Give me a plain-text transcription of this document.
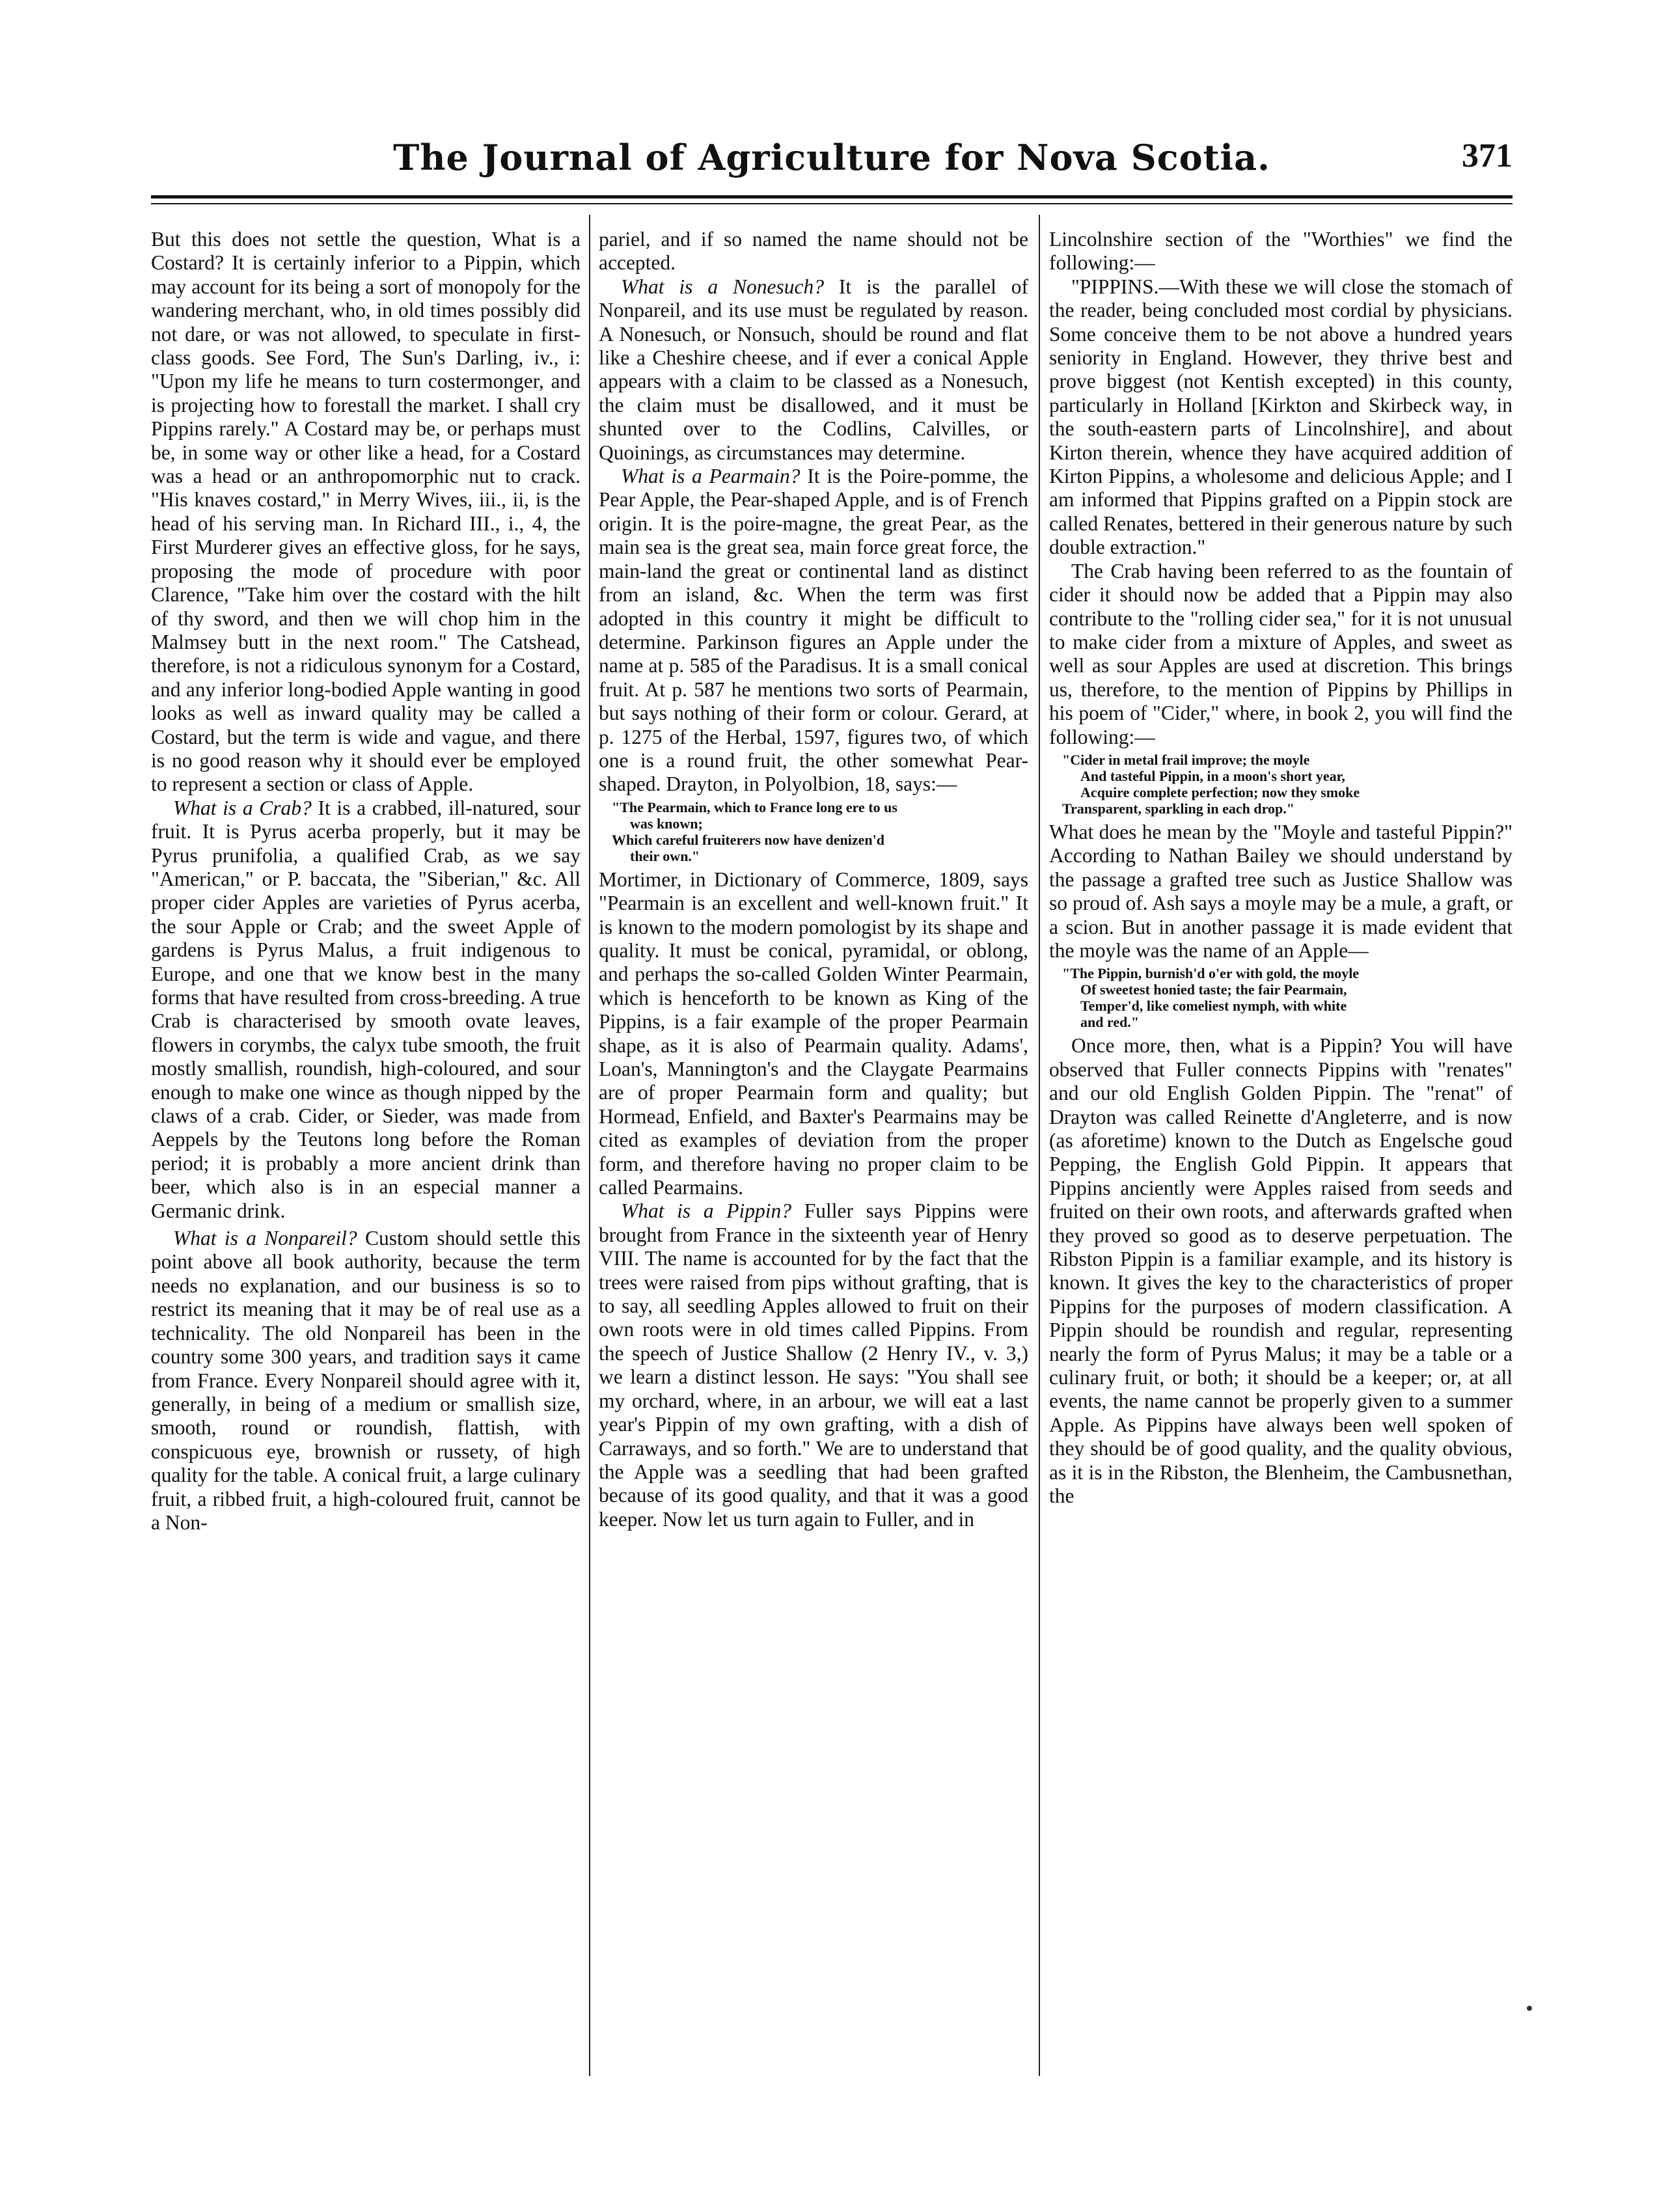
The Journal of Agriculture for Nova Scotia.	371

But this does not settle the question, What is a Costard? It is certainly inferior to a Pippin, which may account for its being a sort of monopoly for the wandering merchant, who, in old times possibly did not dare, or was not allowed, to speculate in first-class goods. See Ford, The Sun's Darling, iv., i: "Upon my life he means to turn costermonger, and is projecting how to forestall the market. I shall cry Pippins rarely." A Costard may be, or perhaps must be, in some way or other like a head, for a Costard was a head or an anthropomorphic nut to crack. "His knaves costard," in Merry Wives, iii., ii, is the head of his serving man. In Richard III., i., 4, the First Murderer gives an effective gloss, for he says, proposing the mode of procedure with poor Clarence, "Take him over the costard with the hilt of thy sword, and then we will chop him in the Malmsey butt in the next room." The Catshead, therefore, is not a ridiculous synonym for a Costard, and any inferior long-bodied Apple wanting in good looks as well as inward quality may be called a Costard, but the term is wide and vague, and there is no good reason why it should ever be employed to represent a section or class of Apple.

What is a Crab? It is a crabbed, ill-natured, sour fruit. It is Pyrus acerba properly, but it may be Pyrus prunifolia, a qualified Crab, as we say "American," or P. baccata, the "Siberian," &c. All proper cider Apples are varieties of Pyrus acerba, the sour Apple or Crab; and the sweet Apple of gardens is Pyrus Malus, a fruit indigenous to Europe, and one that we know best in the many forms that have resulted from cross-breeding. A true Crab is characterised by smooth ovate leaves, flowers in corymbs, the calyx tube smooth, the fruit mostly smallish, roundish, high-coloured, and sour enough to make one wince as though nipped by the claws of a crab. Cider, or Sieder, was made from Aeppels by the Teutons long before the Roman period; it is probably a more ancient drink than beer, which also is in an especial manner a Germanic drink.

What is a Nonpareil? Custom should settle this point above all book authority, because the term needs no explanation, and our business is so to restrict its meaning that it may be of real use as a technicality. The old Nonpareil has been in the country some 300 years, and tradition says it came from France. Every Nonpareil should agree with it, generally, in being of a medium or smallish size, smooth, round or roundish, flattish, with conspicuous eye, brownish or russety, of high quality for the table. A conical fruit, a large culinary fruit, a ribbed fruit, a high-coloured fruit, cannot be a Non-

pariel, and if so named the name should not be accepted.

What is a Nonesuch? It is the parallel of Nonpareil, and its use must be regulated by reason. A Nonesuch, or Nonsuch, should be round and flat like a Cheshire cheese, and if ever a conical Apple appears with a claim to be classed as a Nonesuch, the claim must be disallowed, and it must be shunted over to the Codlins, Calvilles, or Quoinings, as circumstances may determine.

What is a Pearmain? It is the Poire-pomme, the Pear Apple, the Pear-shaped Apple, and is of French origin. It is the poire-magne, the great Pear, as the main sea is the great sea, main force great force, the main-land the great or continental land as distinct from an island, &c. When the term was first adopted in this country it might be difficult to determine. Parkinson figures an Apple under the name at p. 585 of the Paradisus. It is a small conical fruit. At p. 587 he mentions two sorts of Pearmain, but says nothing of their form or colour. Gerard, at p. 1275 of the Herbal, 1597, figures two, of which one is a round fruit, the other somewhat Pear-shaped. Drayton, in Polyolbion, 18, says:—

"The Pearmain, which to France long ere to us
was known;
Which careful fruiterers now have denizen'd
their own."

Mortimer, in Dictionary of Commerce, 1809, says "Pearmain is an excellent and well-known fruit." It is known to the modern pomologist by its shape and quality. It must be conical, pyramidal, or oblong, and perhaps the so-called Golden Winter Pearmain, which is henceforth to be known as King of the Pippins, is a fair example of the proper Pearmain shape, as it is also of Pearmain quality. Adams', Loan's, Mannington's and the Claygate Pearmains are of proper Pearmain form and quality; but Hormead, Enfield, and Baxter's Pearmains may be cited as examples of deviation from the proper form, and therefore having no proper claim to be called Pearmains.

What is a Pippin? Fuller says Pippins were brought from France in the sixteenth year of Henry VIII. The name is accounted for by the fact that the trees were raised from pips without grafting, that is to say, all seedling Apples allowed to fruit on their own roots were in old times called Pippins. From the speech of Justice Shallow (2 Henry IV., v. 3,) we learn a distinct lesson. He says: "You shall see my orchard, where, in an arbour, we will eat a last year's Pippin of my own grafting, with a dish of Carraways, and so forth." We are to understand that the Apple was a seedling that had been grafted because of its good quality, and that it was a good keeper. Now let us turn again to Fuller, and in

Lincolnshire section of the "Worthies" we find the following:—

"PIPPINS.—With these we will close the stomach of the reader, being concluded most cordial by physicians. Some conceive them to be not above a hundred years seniority in England. However, they thrive best and prove biggest (not Kentish excepted) in this county, particularly in Holland [Kirkton and Skirbeck way, in the south-eastern parts of Lincolnshire], and about Kirton therein, whence they have acquired addition of Kirton Pippins, a wholesome and delicious Apple; and I am informed that Pippins grafted on a Pippin stock are called Renates, bettered in their generous nature by such double extraction."

The Crab having been referred to as the fountain of cider it should now be added that a Pippin may also contribute to the "rolling cider sea," for it is not unusual to make cider from a mixture of Apples, and sweet as well as sour Apples are used at discretion. This brings us, therefore, to the mention of Pippins by Phillips in his poem of "Cider," where, in book 2, you will find the following:—

"Cider in metal frail improve; the moyle
And tasteful Pippin, in a moon's short year,
Acquire complete perfection; now they smoke
Transparent, sparkling in each drop."

What does he mean by the "Moyle and tasteful Pippin?" According to Nathan Bailey we should understand by the passage a grafted tree such as Justice Shallow was so proud of. Ash says a moyle may be a mule, a graft, or a scion. But in another passage it is made evident that the moyle was the name of an Apple—

"The Pippin, burnish'd o'er with gold, the moyle
Of sweetest honied taste; the fair Pearmain,
Temper'd, like comeliest nymph, with white
and red."

Once more, then, what is a Pippin? You will have observed that Fuller connects Pippins with "renates" and our old English Golden Pippin. The "renat" of Drayton was called Reinette d'Angleterre, and is now (as aforetime) known to the Dutch as Engelsche goud Pepping, the English Gold Pippin. It appears that Pippins anciently were Apples raised from seeds and fruited on their own roots, and afterwards grafted when they proved so good as to deserve perpetuation. The Ribston Pippin is a familiar example, and its history is known. It gives the key to the characteristics of proper Pippins for the purposes of modern classification. A Pippin should be roundish and regular, representing nearly the form of Pyrus Malus; it may be a table or a culinary fruit, or both; it should be a keeper; or, at all events, the name cannot be properly given to a summer Apple. As Pippins have always been well spoken of they should be of good quality, and the quality obvious, as it is in the Ribston, the Blenheim, the Cambusnethan, the
